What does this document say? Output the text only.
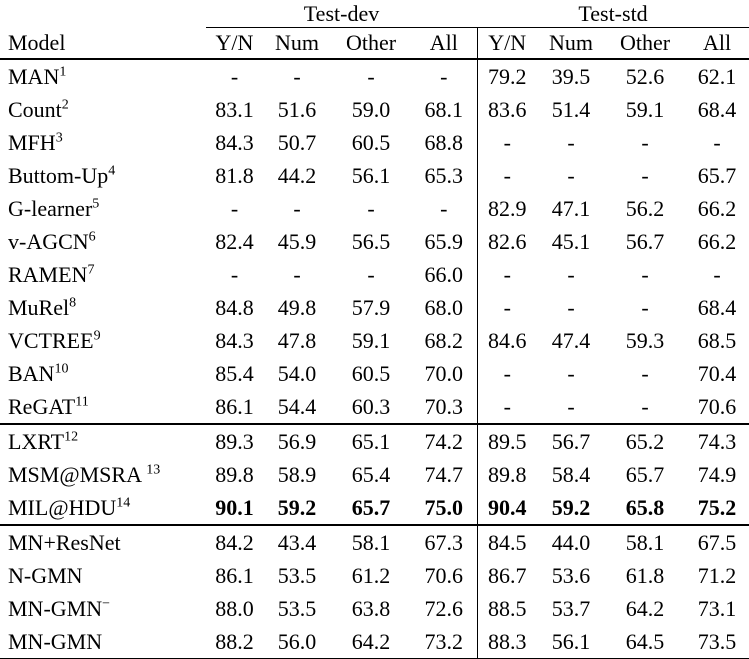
	Test-dev				Test-std			
Model	Y/N	Num	Other	All	Y/N	Num	Other	All
MAN$^1$	-	-	-	-	79.2	39.5	52.6	62.1
Count$^2$	83.1	51.6	59.0	68.1	83.6	51.4	59.1	68.4
MFH$^3$	84.3	50.7	60.5	68.8	-	-	-	-
Buttom-Up$^4$	81.8	44.2	56.1	65.3	-	-	-	65.7
G-learner$^5$	-	-	-	-	82.9	47.1	56.2	66.2
v-AGCN$^6$	82.4	45.9	56.5	65.9	82.6	45.1	56.7	66.2
RAMEN$^7$	-	-	-	66.0	-	-	-	-
MuRel$^8$	84.8	49.8	57.9	68.0	-	-	-	68.4
VCTREE$^9$	84.3	47.8	59.1	68.2	84.6	47.4	59.3	68.5
BAN$^{10}$	85.4	54.0	60.5	70.0	-	-	-	70.4
ReGAT$^{11}$	86.1	54.4	60.3	70.3	-	-	-	70.6
LXRT$^{12}$	89.3	56.9	65.1	74.2	89.5	56.7	65.2	74.3
MSM@MSRA $^{13}$	89.8	58.9	65.4	74.7	89.8	58.4	65.7	74.9
MIL@HDU$^{14}$	90.1	59.2	65.7	75.0	90.4	59.2	65.8	75.2
MN+ResNet	84.2	43.4	58.1	67.3	84.5	44.0	58.1	67.5
N-GMN	86.1	53.5	61.2	70.6	86.7	53.6	61.8	71.2
MN-GMN−	88.0	53.5	63.8	72.6	88.5	53.7	64.2	73.1
MN-GMN	88.2	56.0	64.2	73.2	88.3	56.1	64.5	73.5
